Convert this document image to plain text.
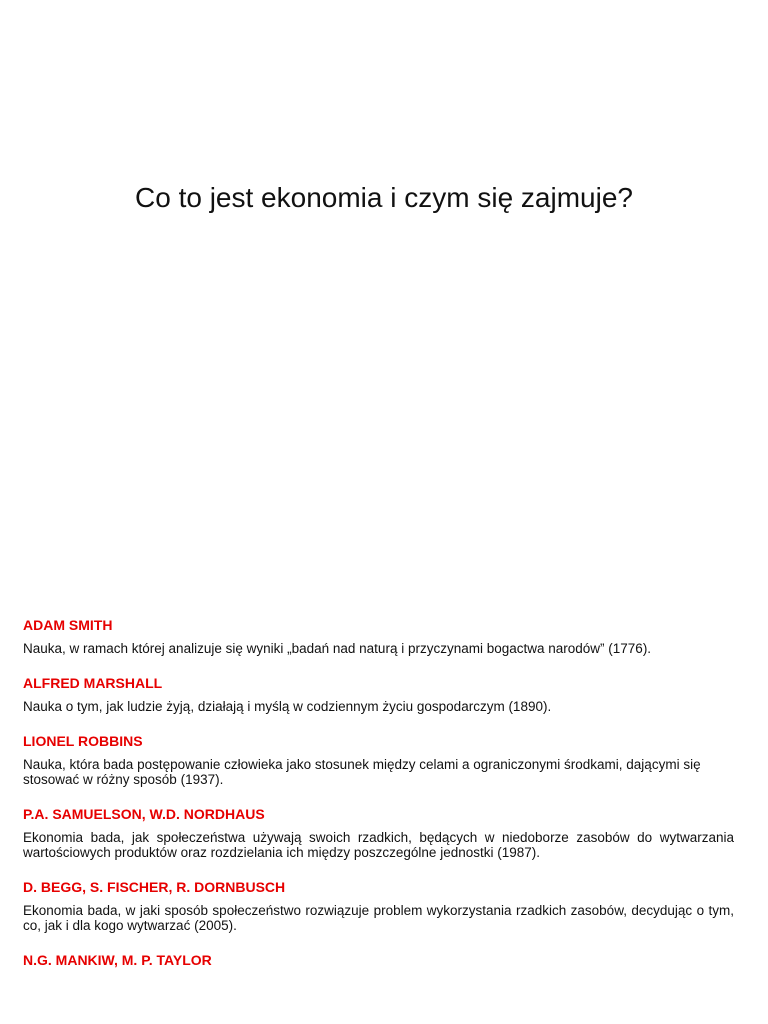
Co to jest ekonomia i czym się zajmuje?
ADAM SMITH

Nauka, w ramach której analizuje się wyniki „badań nad naturą i przyczynami bogactwa narodów” (1776).

ALFRED MARSHALL

Nauka o tym, jak ludzie żyją, działają i myślą w codziennym życiu gospodarczym (1890).

LIONEL ROBBINS

Nauka, która bada postępowanie człowieka jako stosunek między celami a ograniczonymi środkami, dającymi się stosować w różny sposób (1937).

P.A. SAMUELSON, W.D. NORDHAUS

Ekonomia bada, jak społeczeństwa używają swoich rzadkich, będących w niedoborze zasobów do wytwarzania wartościowych produktów oraz rozdzielania ich między poszczególne jednostki (1987).

D. BEGG, S. FISCHER, R. DORNBUSCH

Ekonomia bada, w jaki sposób społeczeństwo rozwiązuje problem wykorzystania rzadkich zasobów, decydując o tym, co, jak i dla kogo wytwarzać (2005).

N.G. MANKIW, M. P. TAYLOR
